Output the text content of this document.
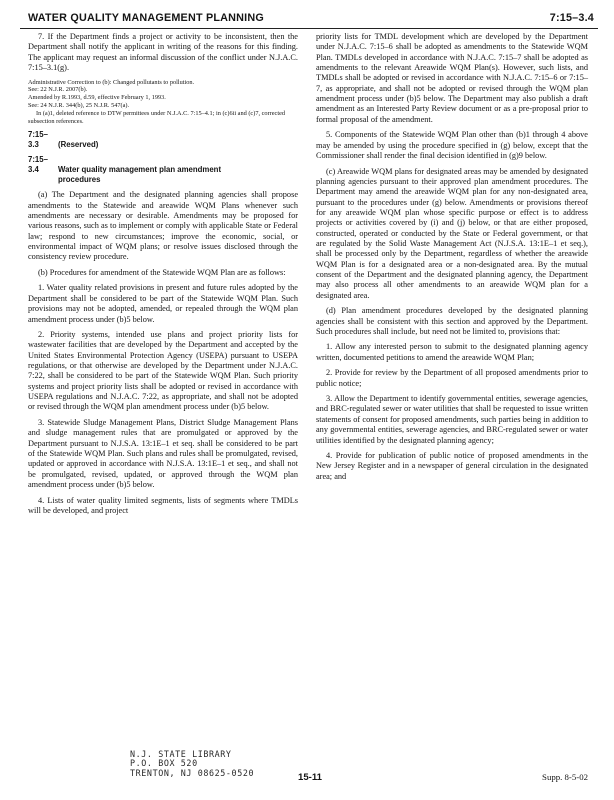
WATER QUALITY MANAGEMENT PLANNING	7:15–3.4

7. If the Department finds a project or activity to be inconsistent, then the Department shall notify the applicant in writing of the reasons for this finding. The applicant may request an informal discussion of the conflict under N.J.A.C. 7:15–3.1(g).

Administrative Correction to (b): Changed pollutants to pollution.
See: 22 N.J.R. 2007(b).
Amended by R.1993, d.59, effective February 1, 1993.
See: 24 N.J.R. 344(b), 25 N.J.R. 547(a).
In (a)1, deleted reference to DTW permittees under N.J.A.C. 7:15–4.1; in (c)6ii and (c)7, corrected subsection references.
7:15–3.3 (Reserved)
7:15–3.4 Water quality management plan amendment
procedures

(a) The Department and the designated planning agencies shall propose amendments to the Statewide and areawide WQM Plans whenever such amendments are necessary or desirable. Amendments may be proposed for various reasons, such as to implement or comply with applicable State or Federal law; respond to new circumstances; improve the economic, social, or environmental impact of WQM plans; or resolve issues disclosed through the consistency review procedure.

(b) Procedures for amendment of the Statewide WQM Plan are as follows:

1. Water quality related provisions in present and future rules adopted by the Department shall be considered to be part of the Statewide WQM Plan. Such provisions may not be adopted, amended, or repealed through the WQM plan amendment process under (b)5 below.

2. Priority systems, intended use plans and project priority lists for wastewater facilities that are developed by the Department and accepted by the United States Environmental Protection Agency (USEPA) pursuant to USEPA regulations, or that otherwise are developed by the Department under N.J.A.C. 7:22, shall be considered to be part of the Statewide WQM Plan. Such priority systems and project priority lists shall be adopted or revised in accordance with USEPA regulations and N.J.A.C. 7:22, as appropriate, and shall not be adopted or revised through the WQM plan amendment process under (b)5 below.

3. Statewide Sludge Management Plans, District Sludge Management Plans and sludge management rules that are promulgated or approved by the Department pursuant to N.J.S.A. 13:1E–1 et seq. shall be considered to be part of the Statewide WQM Plan. Such plans and rules shall be promulgated, revised, updated or approved in accordance with N.J.S.A. 13:1E–1 et seq., and shall not be promulgated, revised, updated, or approved through the WQM plan amendment process under (b)5 below.

4. Lists of water quality limited segments, lists of segments where TMDLs will be developed, and project

priority lists for TMDL development which are developed by the Department under N.J.A.C. 7:15–6 shall be adopted as amendments to the Statewide WQM Plan. TMDLs developed in accordance with N.J.A.C. 7:15–7 shall be adopted as amendments to the relevant Areawide WQM Plan(s). However, such lists, and TMDLs shall be adopted or revised in accordance with N.J.A.C. 7:15–6 or 7:15–7, as appropriate, and shall not be adopted or revised through the WQM plan amendment process under (b)5 below. The Department may also publish a draft amendment as an Interested Party Review document or as a pre-proposal prior to formal proposal of the amendment.

5. Components of the Statewide WQM Plan other than (b)1 through 4 above may be amended by using the procedure specified in (g) below, except that the Commissioner shall render the final decision identified in (g)9 below.

(c) Areawide WQM plans for designated areas may be amended by designated planning agencies pursuant to their approved plan amendment procedures. The Department may amend the areawide WQM plan for any non-designated area, pursuant to the procedures under (g) below. Amendments or provisions thereof for any areawide WQM plan whose specific purpose or effect is to address projects or activities covered by (i) and (j) below, or that are either proposed, constructed, operated or conducted by the State or Federal government, or that are regulated by the Solid Waste Management Act (N.J.S.A. 13:1E–1 et seq.), shall be processed only by the Department, regardless of whether the areawide WQM Plan is for a designated area or a non-designated area. By the mutual consent of the Department and the designated planning agency, the Department may also process all other amendments to an areawide WQM plan for a designated area.

(d) Plan amendment procedures developed by the designated planning agencies shall be consistent with this section and approved by the Department. Such procedures shall include, but need not be limited to, provisions that:

1. Allow any interested person to submit to the designated planning agency written, documented petitions to amend the areawide WQM Plan;

2. Provide for review by the Department of all proposed amendments prior to public notice;

3. Allow the Department to identify governmental entities, sewerage agencies, and BRC-regulated sewer or water utilities that shall be requested to issue written statements of consent for proposed amendments, such parties being in addition to any governmental entities, sewerage agencies, and BRC-regulated sewer or water utilities identified by the designated planning agency;

4. Provide for publication of public notice of proposed amendments in the New Jersey Register and in a newspaper of general circulation in the designated area; and

N.J. STATE LIBRARY
P.O. BOX 520
TRENTON, NJ 08625-0520	15-11	Supp. 8-5-02
